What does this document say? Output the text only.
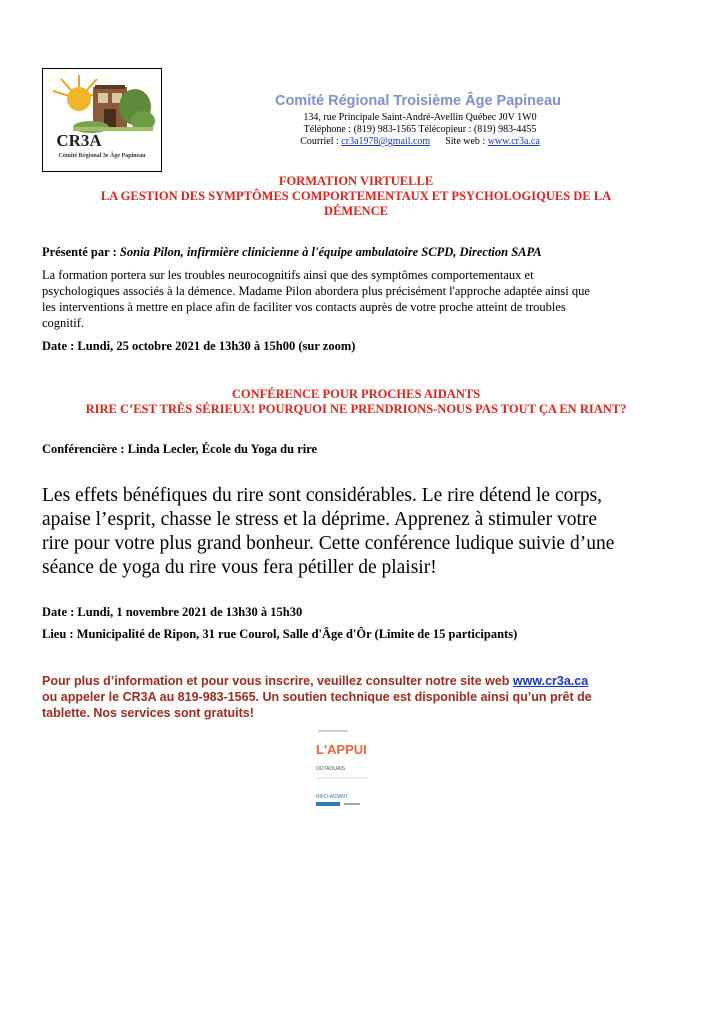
CR3A
Comité Régional 3e Âge Papineau
Comité Régional Troisième Âge Papineau
134, rue Principale Saint-André-Avellin Québec J0V 1W0
Téléphone : (819) 983-1565 Télécopieur : (819) 983-4455
Courriel : cr3a1978@gmail.com Site web : www.cr3a.ca
FORMATION VIRTUELLE
LA GESTION DES SYMPTÔMES COMPORTEMENTAUX ET PSYCHOLOGIQUES DE LA
DÉMENCE
Présenté par : Sonia Pilon, infirmière clinicienne à l'équipe ambulatoire SCPD, Direction SAPA
La formation portera sur les troubles neurocognitifs ainsi que des symptômes comportementaux et
psychologiques associés à la démence. Madame Pilon abordera plus précisément l'approche adaptée ainsi que
les interventions à mettre en place afin de faciliter vos contacts auprès de votre proche atteint de troubles
cognitif.
Date : Lundi, 25 octobre 2021 de 13h30 à 15h00 (sur zoom)
CONFÉRENCE POUR PROCHES AIDANTS
RIRE C’EST TRÈS SÉRIEUX! POURQUOI NE PRENDRIONS-NOUS PAS TOUT ÇA EN RIANT?
Conférencière : Linda Lecler, École du Yoga du rire
Les effets bénéfiques du rire sont considérables. Le rire détend le corps,
apaise l’esprit, chasse le stress et la déprime. Apprenez à stimuler votre
rire pour votre plus grand bonheur. Cette conférence ludique suivie d’une
séance de yoga du rire vous fera pétiller de plaisir!
Date : Lundi, 1 novembre 2021 de 13h30 à 15h30
Lieu : Municipalité de Ripon, 31 rue Courol, Salle d'Âge d'Ôr (Limite de 15 participants)
Pour plus d’information et pour vous inscrire, veuillez consulter notre site web www.cr3a.ca
ou appeler le CR3A au 819-983-1565. Un soutien technique est disponible ainsi qu’un prêt de
tablette. Nos services sont gratuits!
L'APPUI
OUTAOUAIS
INFO-AIDANT
